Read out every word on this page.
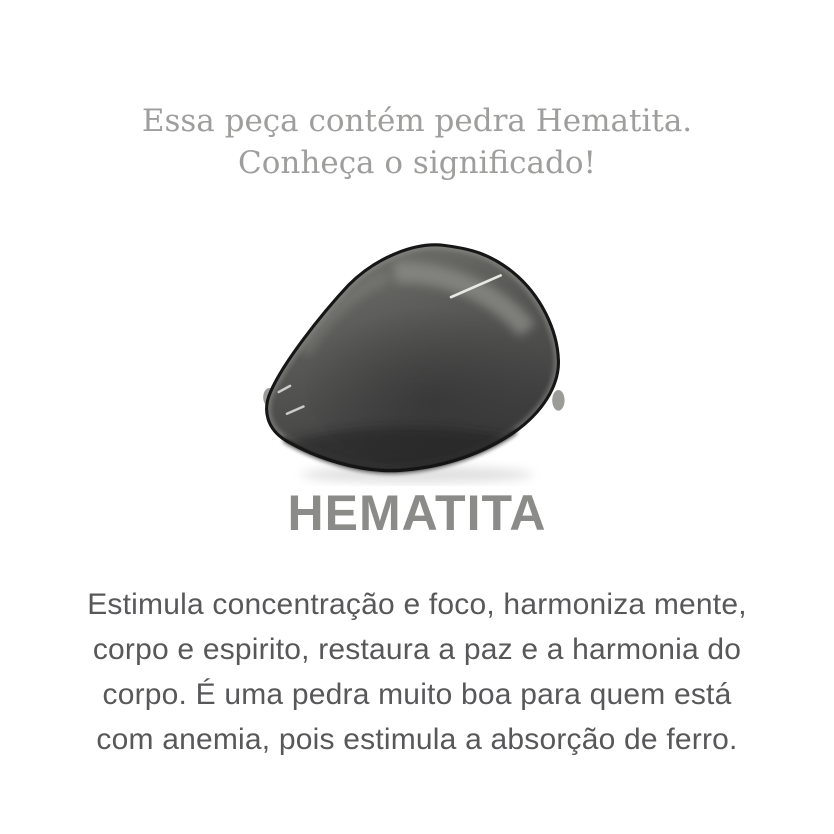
Essa peça contém pedra Hematita.
Conheça o significado!

HEMATITA

Estimula concentração e foco, harmoniza mente,
corpo e espirito, restaura a paz e a harmonia do
corpo. É uma pedra muito boa para quem está
com anemia, pois estimula a absorção de ferro.
